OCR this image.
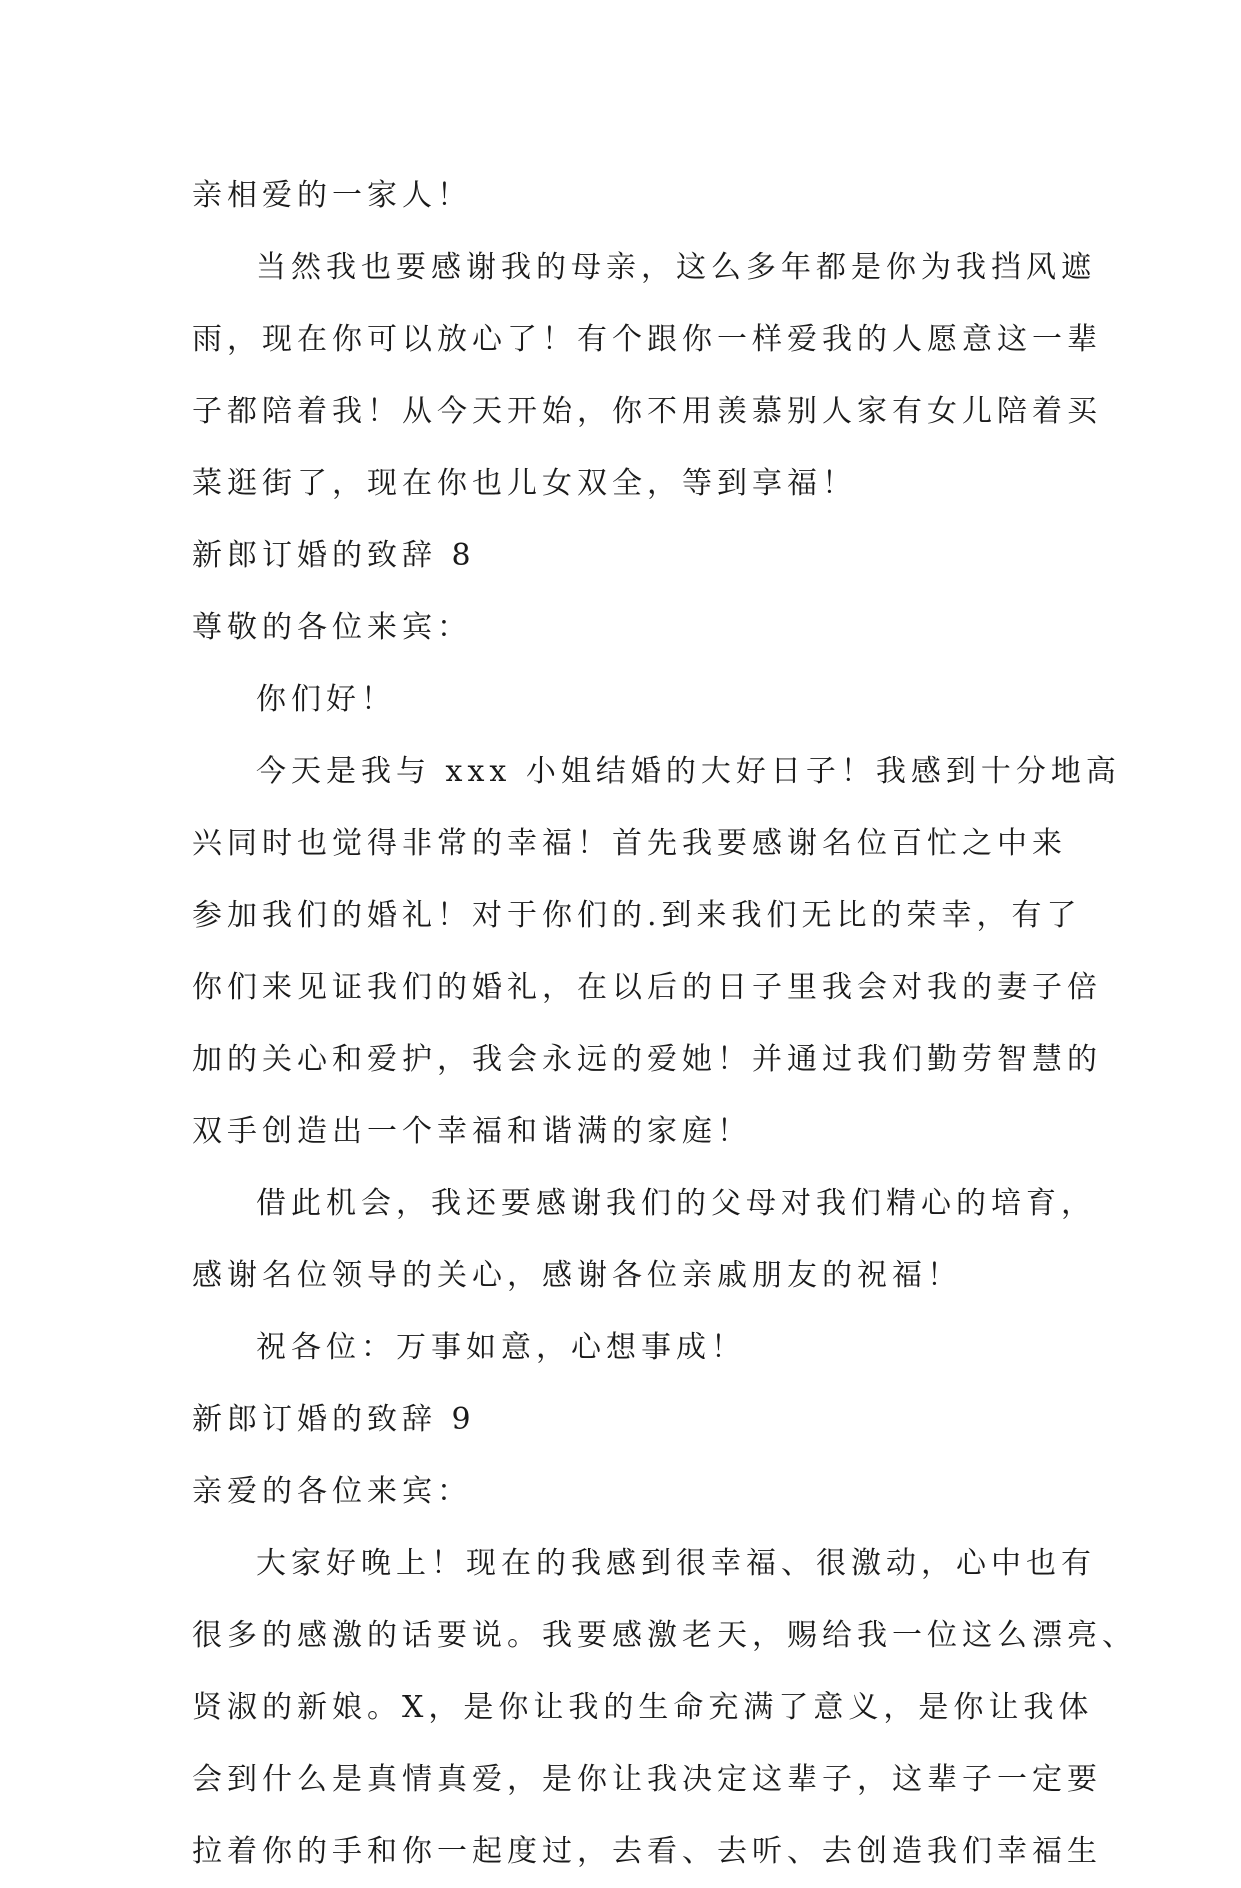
亲相爱的一家人！
当然我也要感谢我的母亲，这么多年都是你为我挡风遮
雨，现在你可以放心了！有个跟你一样爱我的人愿意这一辈
子都陪着我！从今天开始，你不用羡慕别人家有女儿陪着买
菜逛街了，现在你也儿女双全，等到享福！
新郎订婚的致辞 8
尊敬的各位来宾：
你们好！
今天是我与 xxx 小姐结婚的大好日子！我感到十分地高
兴同时也觉得非常的幸福！首先我要感谢名位百忙之中来
参加我们的婚礼！对于你们的.到来我们无比的荣幸，有了
你们来见证我们的婚礼，在以后的日子里我会对我的妻子倍
加的关心和爱护，我会永远的爱她！并通过我们勤劳智慧的
双手创造出一个幸福和谐满的家庭！
借此机会，我还要感谢我们的父母对我们精心的培育，
感谢名位领导的关心，感谢各位亲戚朋友的祝福！
祝各位：万事如意，心想事成！
新郎订婚的致辞 9
亲爱的各位来宾：
大家好晚上！现在的我感到很幸福、很激动，心中也有
很多的感激的话要说。我要感激老天，赐给我一位这么漂亮、
贤淑的新娘。X，是你让我的生命充满了意义，是你让我体
会到什么是真情真爱，是你让我决定这辈子，这辈子一定要
拉着你的手和你一起度过，去看、去听、去创造我们幸福生
